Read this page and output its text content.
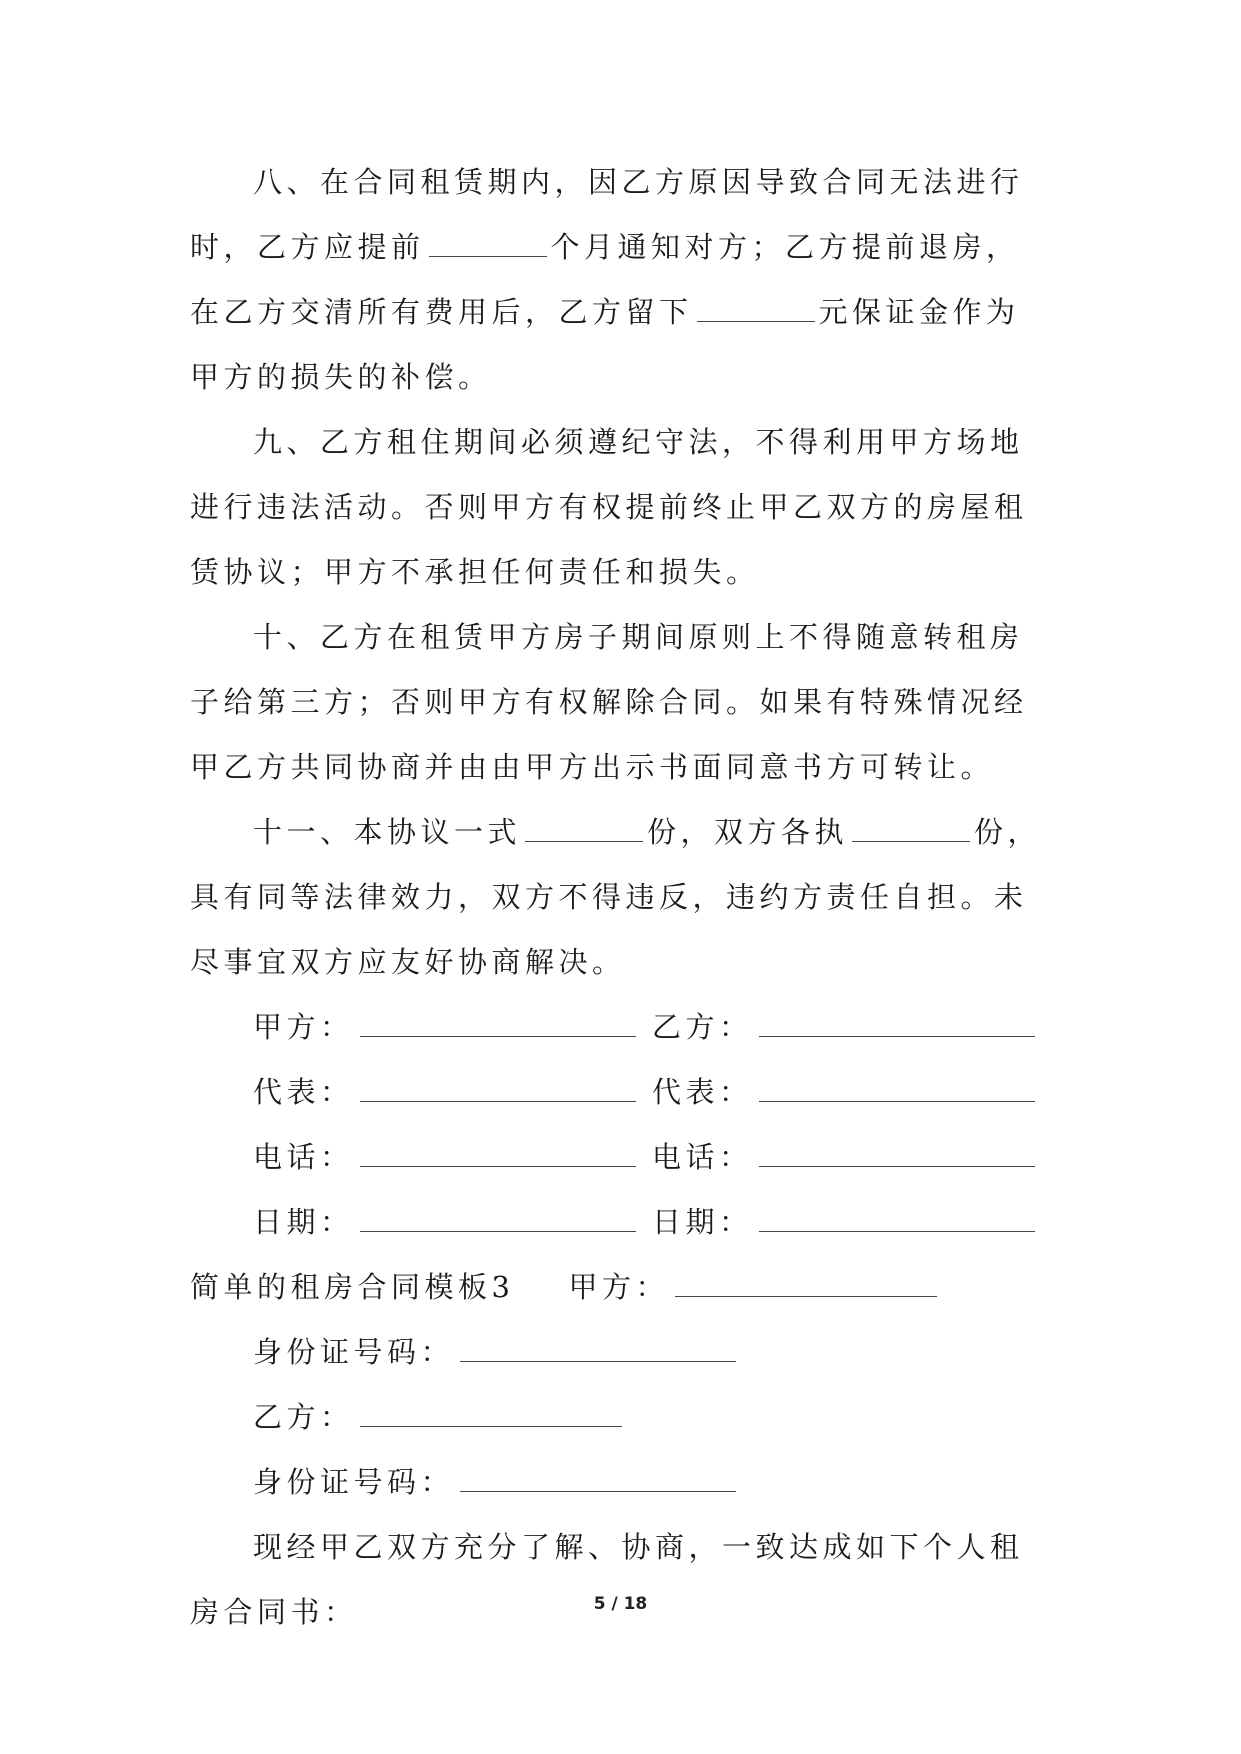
八、在合同租赁期内，因乙方原因导致合同无法进行时，乙方应提前	个月通知对方；乙方提前退房，在乙方交清所有费用后，乙方留下	元保证金作为甲方的损失的补偿。

九、乙方租住期间必须遵纪守法，不得利用甲方场地进行违法活动。否则甲方有权提前终止甲乙双方的房屋租赁协议；甲方不承担任何责任和损失。

十、乙方在租赁甲方房子期间原则上不得随意转租房子给第三方；否则甲方有权解除合同。如果有特殊情况经甲乙方共同协商并由由甲方出示书面同意书方可转让。

十一、本协议一式	份，双方各执	份，具有同等法律效力，双方不得违反，违约方责任自担。未尽事宜双方应友好协商解决。

甲方：	乙方：
代表：	代表：
电话：	电话：
日期：	日期：
简单的租房合同模板3 甲方：
身份证号码：
乙方：
身份证号码：

现经甲乙双方充分了解、协商，一致达成如下个人租房合同书：	5 / 18
